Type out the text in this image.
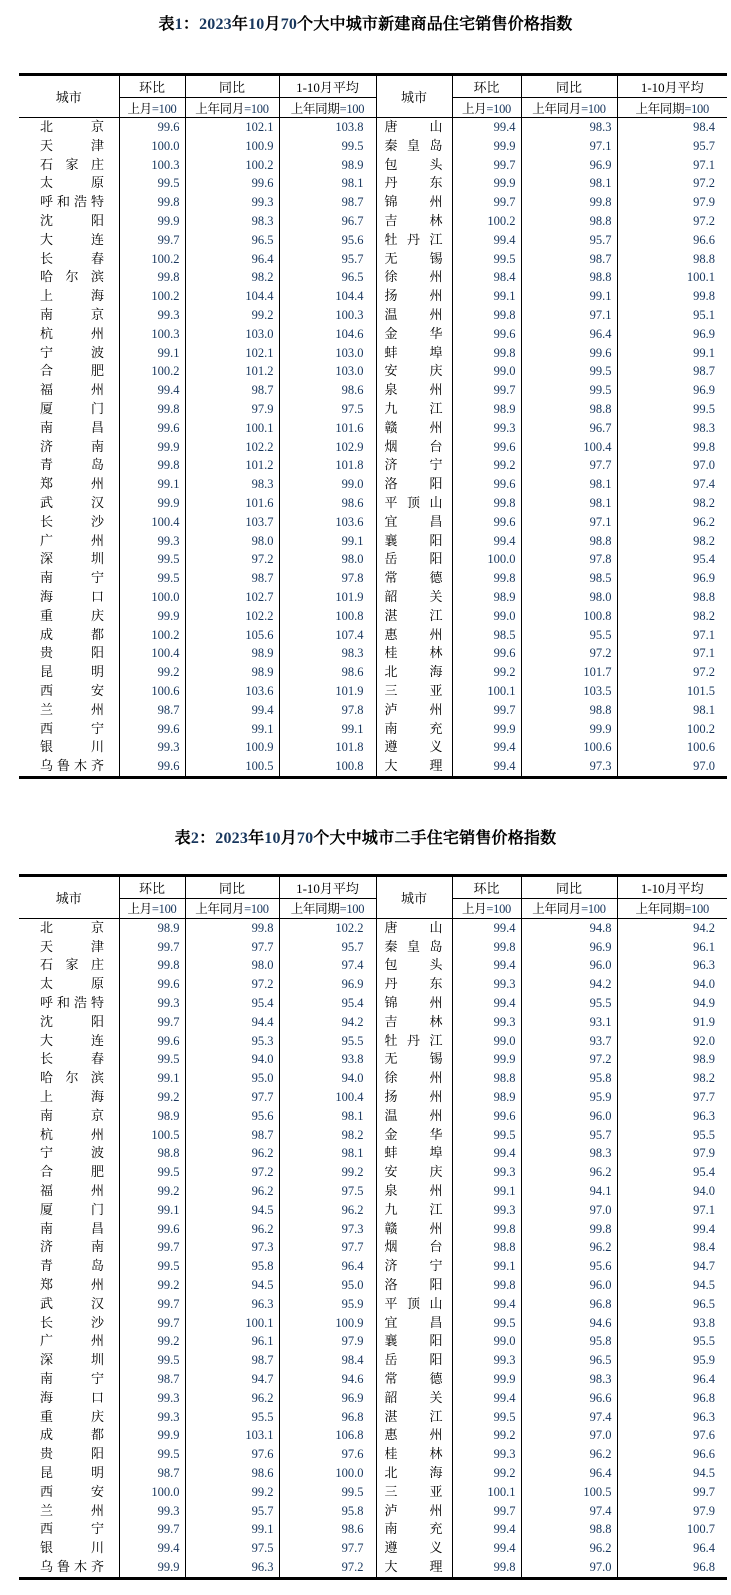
表1：2023年10月70个大中城市新建商品住宅销售价格指数
城市	环比	同比	1-10月平均	城市	环比	同比	1-10月平均
	上月=100	上年同月=100	上年同期=100		上月=100	上年同月=100	上年同期=100

北京	99.6	102.1	103.8	唐山	99.4	98.3	98.4

天津	100.0	100.9	99.5	秦皇岛	99.9	97.1	95.7

石家庄	100.3	100.2	98.9	包头	99.7	96.9	97.1

太原	99.5	99.6	98.1	丹东	99.9	98.1	97.2

呼和浩特	99.8	99.3	98.7	锦州	99.7	99.8	97.9

沈阳	99.9	98.3	96.7	吉林	100.2	98.8	97.2

大连	99.7	96.5	95.6	牡丹江	99.4	95.7	96.6

长春	100.2	96.4	95.7	无锡	99.5	98.7	98.8

哈尔滨	99.8	98.2	96.5	徐州	98.4	98.8	100.1

上海	100.2	104.4	104.4	扬州	99.1	99.1	99.8

南京	99.3	99.2	100.3	温州	99.8	97.1	95.1

杭州	100.3	103.0	104.6	金华	99.6	96.4	96.9

宁波	99.1	102.1	103.0	蚌埠	99.8	99.6	99.1

合肥	100.2	101.2	103.0	安庆	99.0	99.5	98.7

福州	99.4	98.7	98.6	泉州	99.7	99.5	96.9

厦门	99.8	97.9	97.5	九江	98.9	98.8	99.5

南昌	99.6	100.1	101.6	赣州	99.3	96.7	98.3

济南	99.9	102.2	102.9	烟台	99.6	100.4	99.8

青岛	99.8	101.2	101.8	济宁	99.2	97.7	97.0

郑州	99.1	98.3	99.0	洛阳	99.6	98.1	97.4

武汉	99.9	101.6	98.6	平顶山	99.8	98.1	98.2

长沙	100.4	103.7	103.6	宜昌	99.6	97.1	96.2

广州	99.3	98.0	99.1	襄阳	99.4	98.8	98.2

深圳	99.5	97.2	98.0	岳阳	100.0	97.8	95.4

南宁	99.5	98.7	97.8	常德	99.8	98.5	96.9

海口	100.0	102.7	101.9	韶关	98.9	98.0	98.8

重庆	99.9	102.2	100.8	湛江	99.0	100.8	98.2

成都	100.2	105.6	107.4	惠州	98.5	95.5	97.1

贵阳	100.4	98.9	98.3	桂林	99.6	97.2	97.1

昆明	99.2	98.9	98.6	北海	99.2	101.7	97.2

西安	100.6	103.6	101.9	三亚	100.1	103.5	101.5

兰州	98.7	99.4	97.8	泸州	99.7	98.8	98.1

西宁	99.6	99.1	99.1	南充	99.9	99.9	100.2

银川	99.3	100.9	101.8	遵义	99.4	100.6	100.6

乌鲁木齐	99.6	100.5	100.8	大理	99.4	97.3	97.0
表2：2023年10月70个大中城市二手住宅销售价格指数
城市	环比	同比	1-10月平均	城市	环比	同比	1-10月平均
	上月=100	上年同月=100	上年同期=100		上月=100	上年同月=100	上年同期=100

北京	98.9	99.8	102.2	唐山	99.4	94.8	94.2

天津	99.7	97.7	95.7	秦皇岛	99.8	96.9	96.1

石家庄	99.8	98.0	97.4	包头	99.4	96.0	96.3

太原	99.6	97.2	96.9	丹东	99.3	94.2	94.0

呼和浩特	99.3	95.4	95.4	锦州	99.4	95.5	94.9

沈阳	99.7	94.4	94.2	吉林	99.3	93.1	91.9

大连	99.6	95.3	95.5	牡丹江	99.0	93.7	92.0

长春	99.5	94.0	93.8	无锡	99.9	97.2	98.9

哈尔滨	99.1	95.0	94.0	徐州	98.8	95.8	98.2

上海	99.2	97.7	100.4	扬州	98.9	95.9	97.7

南京	98.9	95.6	98.1	温州	99.6	96.0	96.3

杭州	100.5	98.7	98.2	金华	99.5	95.7	95.5

宁波	98.8	96.2	98.1	蚌埠	99.4	98.3	97.9

合肥	99.5	97.2	99.2	安庆	99.3	96.2	95.4

福州	99.2	96.2	97.5	泉州	99.1	94.1	94.0

厦门	99.1	94.5	96.2	九江	99.3	97.0	97.1

南昌	99.6	96.2	97.3	赣州	99.8	99.8	99.4

济南	99.7	97.3	97.7	烟台	98.8	96.2	98.4

青岛	99.5	95.8	96.4	济宁	99.1	95.6	94.7

郑州	99.2	94.5	95.0	洛阳	99.8	96.0	94.5

武汉	99.7	96.3	95.9	平顶山	99.4	96.8	96.5

长沙	99.7	100.1	100.9	宜昌	99.5	94.6	93.8

广州	99.2	96.1	97.9	襄阳	99.0	95.8	95.5

深圳	99.5	98.7	98.4	岳阳	99.3	96.5	95.9

南宁	98.7	94.7	94.6	常德	99.9	98.3	96.4

海口	99.3	96.2	96.9	韶关	99.4	96.6	96.8

重庆	99.3	95.5	96.8	湛江	99.5	97.4	96.3

成都	99.9	103.1	106.8	惠州	99.2	97.0	97.6

贵阳	99.5	97.6	97.6	桂林	99.3	96.2	96.6

昆明	98.7	98.6	100.0	北海	99.2	96.4	94.5

西安	100.0	99.2	99.5	三亚	100.1	100.5	99.7

兰州	99.3	95.7	95.8	泸州	99.7	97.4	97.9

西宁	99.7	99.1	98.6	南充	99.4	98.8	100.7

银川	99.4	97.5	97.7	遵义	99.4	96.2	96.4

乌鲁木齐	99.9	96.3	97.2	大理	99.8	97.0	96.8
